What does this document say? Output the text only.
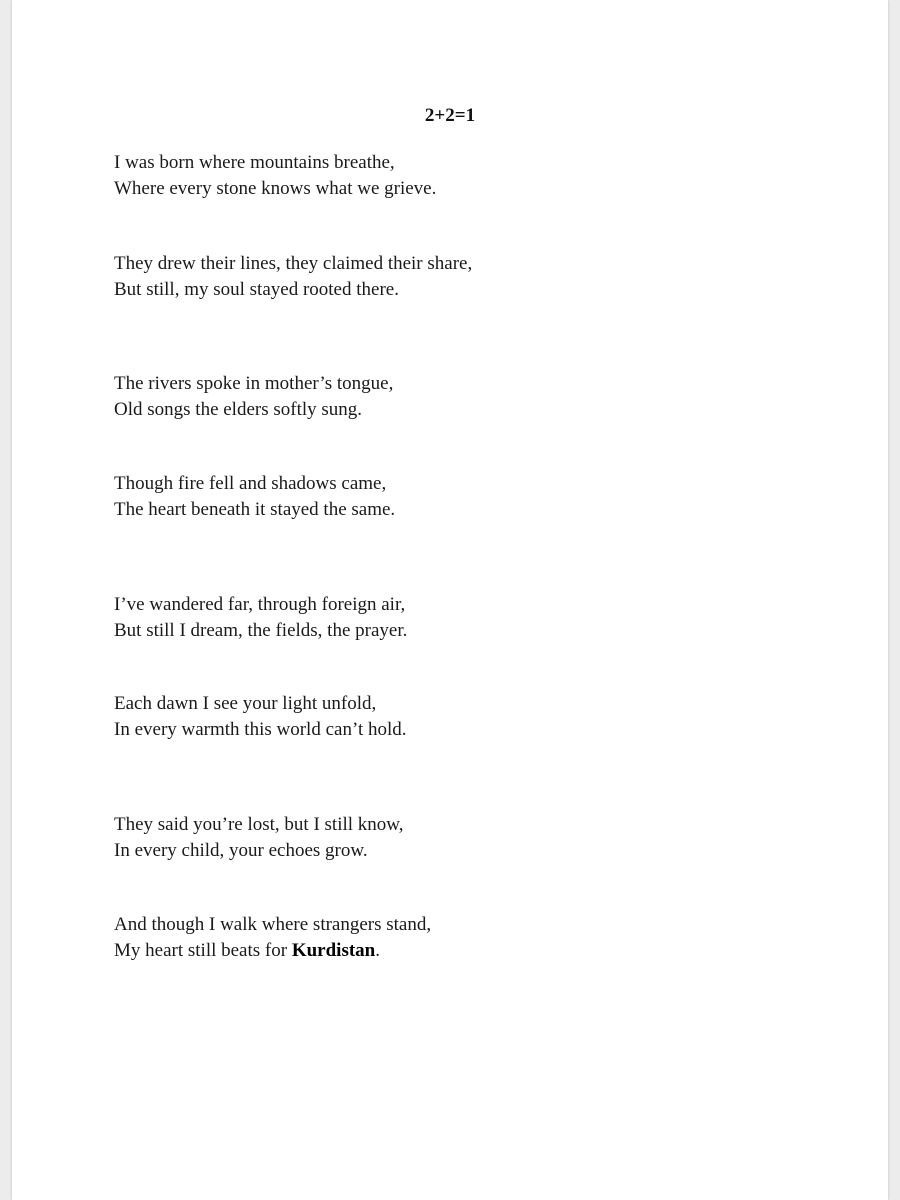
2+2=1

I was born where mountains breathe,
Where every stone knows what we grieve.

They drew their lines, they claimed their share,
But still, my soul stayed rooted there.

The rivers spoke in mother’s tongue,
Old songs the elders softly sung.

Though fire fell and shadows came,
The heart beneath it stayed the same.

I’ve wandered far, through foreign air,
But still I dream, the fields, the prayer.

Each dawn I see your light unfold,
In every warmth this world can’t hold.

They said you’re lost, but I still know,
In every child, your echoes grow.

And though I walk where strangers stand,
My heart still beats for Kurdistan.
